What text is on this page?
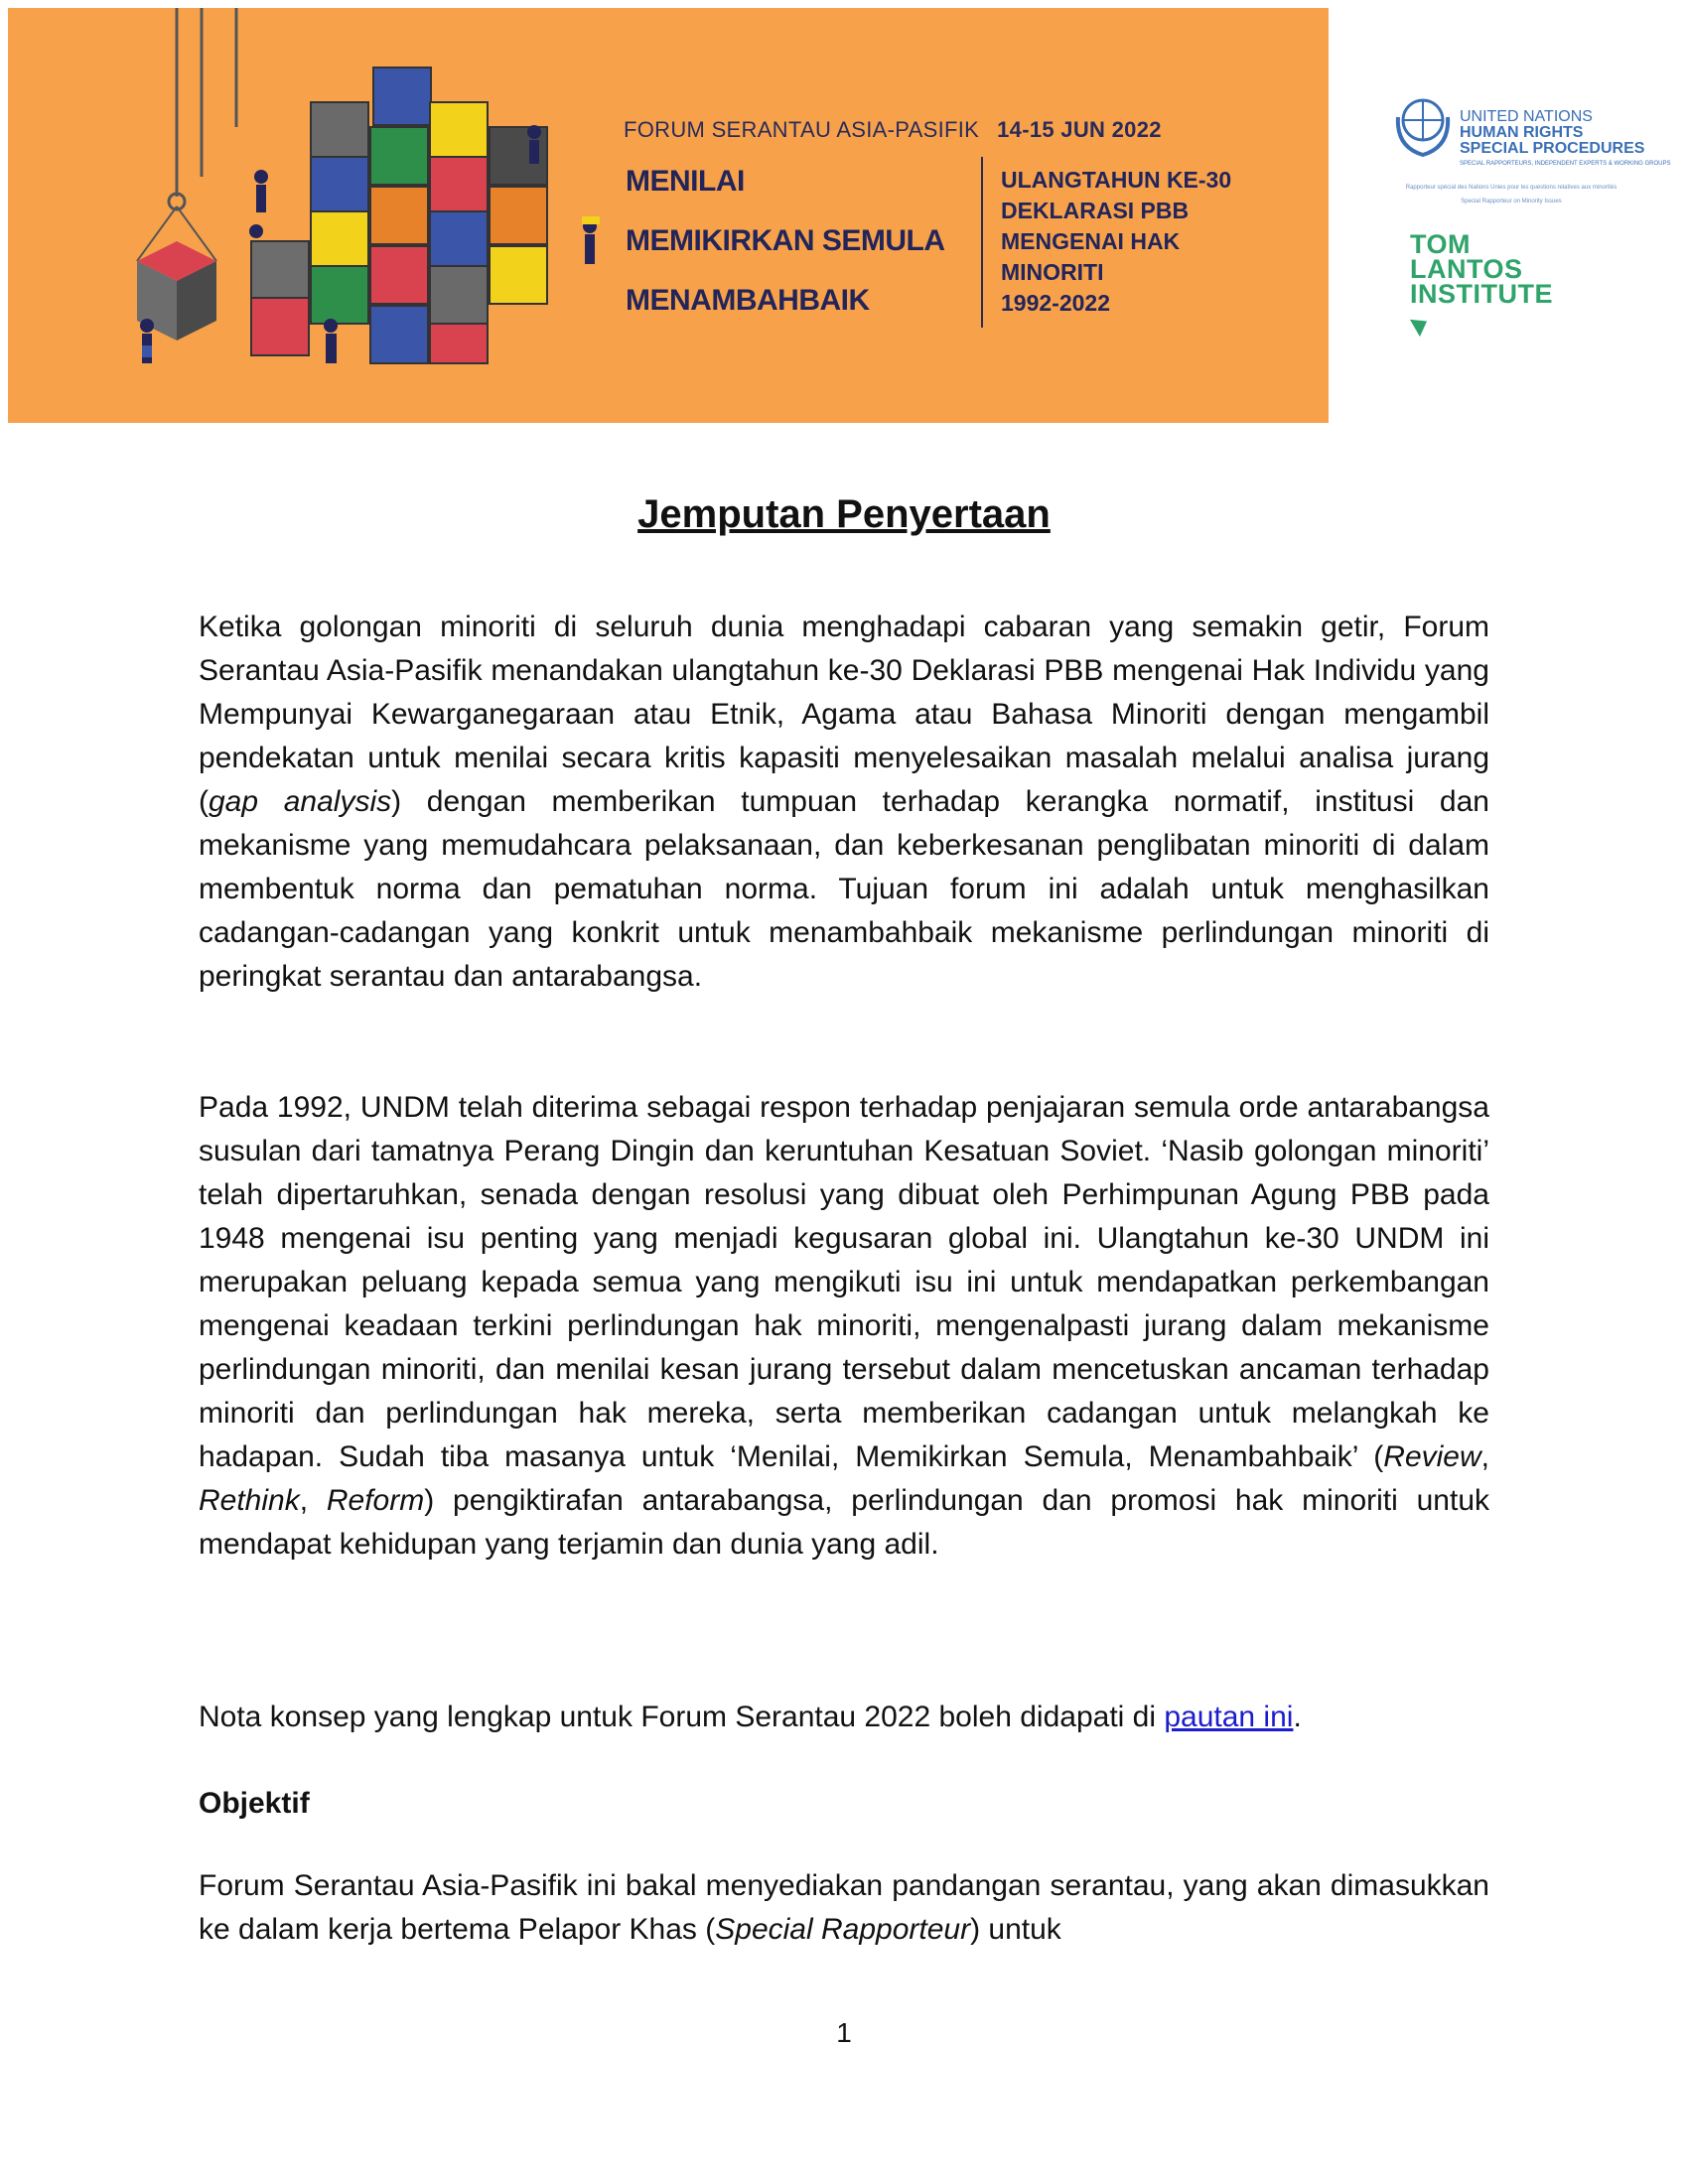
FORUM SERANTAU ASIA-PASIFIK 14-15 JUN 2022
MENILAI
MEMIKIRKAN SEMULA
MENAMBAHBAIK
ULANGTAHUN KE-30
DEKLARASI PBB
MENGENAI HAK
MINORITI
1992-2022
UNITED NATIONS
HUMAN RIGHTS
SPECIAL PROCEDURES
SPECIAL RAPPORTEURS, INDEPENDENT EXPERTS & WORKING GROUPS
Rapporteur spécial des Nations Unies pour les questions relatives aux minorités
Special Rapporteur on Minority Issues
TOM
LANTOS
INSTITUTE
Jemputan Penyertaan

Ketika golongan minoriti di seluruh dunia menghadapi cabaran yang semakin getir, Forum Serantau Asia-Pasifik menandakan ulangtahun ke-30 Deklarasi PBB mengenai Hak Individu yang Mempunyai Kewarganegaraan atau Etnik, Agama atau Bahasa Minoriti dengan mengambil pendekatan untuk menilai secara kritis kapasiti menyelesaikan masalah melalui analisa jurang (gap analysis) dengan memberikan tumpuan terhadap kerangka normatif, institusi dan mekanisme yang memudahcara pelaksanaan, dan keberkesanan penglibatan minoriti di dalam membentuk norma dan pematuhan norma. Tujuan forum ini adalah untuk menghasilkan cadangan-cadangan yang konkrit untuk menambahbaik mekanisme perlindungan minoriti di peringkat serantau dan antarabangsa.

Pada 1992, UNDM telah diterima sebagai respon terhadap penjajaran semula orde antarabangsa susulan dari tamatnya Perang Dingin dan keruntuhan Kesatuan Soviet. ‘Nasib golongan minoriti’ telah dipertaruhkan, senada dengan resolusi yang dibuat oleh Perhimpunan Agung PBB pada 1948 mengenai isu penting yang menjadi kegusaran global ini. Ulangtahun ke-30 UNDM ini merupakan peluang kepada semua yang mengikuti isu ini untuk mendapatkan perkembangan mengenai keadaan terkini perlindungan hak minoriti, mengenalpasti jurang dalam mekanisme perlindungan minoriti, dan menilai kesan jurang tersebut dalam mencetuskan ancaman terhadap minoriti dan perlindungan hak mereka, serta memberikan cadangan untuk melangkah ke hadapan. Sudah tiba masanya untuk ‘Menilai, Memikirkan Semula, Menambahbaik’ (Review, Rethink, Reform) pengiktirafan antarabangsa, perlindungan dan promosi hak minoriti untuk mendapat kehidupan yang terjamin dan dunia yang adil.

Nota konsep yang lengkap untuk Forum Serantau 2022 boleh didapati di pautan ini.

Objektif

Forum Serantau Asia-Pasifik ini bakal menyediakan pandangan serantau, yang akan dimasukkan ke dalam kerja bertema Pelapor Khas (Special Rapporteur) untuk

1
